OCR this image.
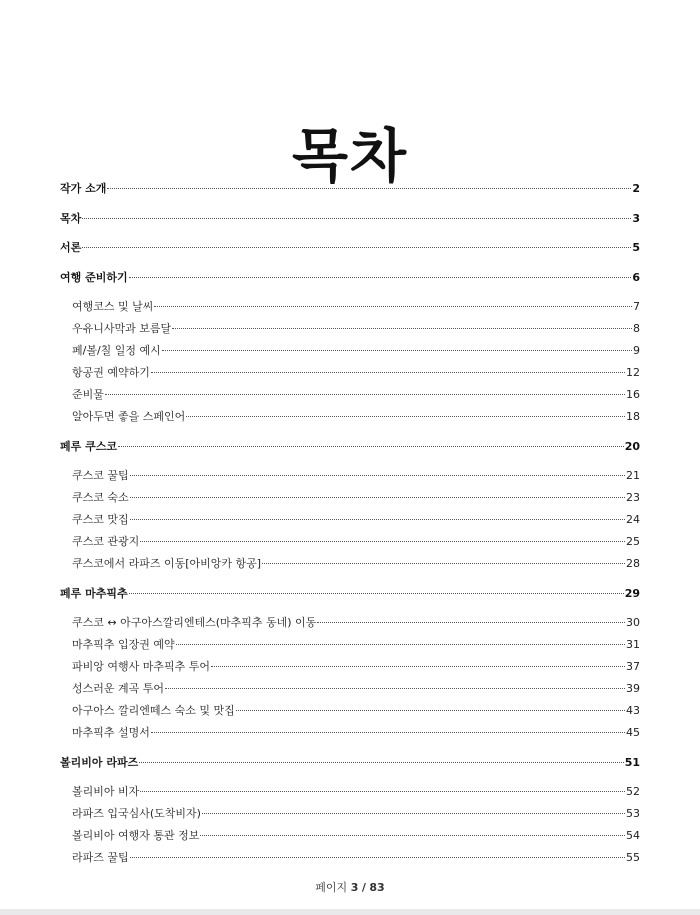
목차
작가 소개	2
목차	3
서론	5
여행 준비하기	6
여행코스 및 날씨	7
우유니사막과 보름달	8
페/볼/칠 일정 예시	9
항공권 예약하기	12
준비물	16
알아두면 좋을 스페인어	18
페루 쿠스코	20
쿠스코 꿀팁	21
쿠스코 숙소	23
쿠스코 맛집	24
쿠스코 관광지	25
쿠스코에서 라파즈 이동[아비앙카 항공]	28
페루 마추픽추	29
쿠스코 ↔ 아구아스깔리엔테스(마추픽추 동네) 이동	30
마추픽추 입장권 예약	31
파비앙 여행사 마추픽추 투어	37
성스러운 계곡 투어	39
아구아스 깔리엔떼스 숙소 및 맛집	43
마추픽추 설명서	45
볼리비아 라파즈	51
볼리비아 비자	52
라파즈 입국심사(도착비자)	53
볼리비아 여행자 통관 정보	54
라파즈 꿀팁	55
페이지 3 / 83
